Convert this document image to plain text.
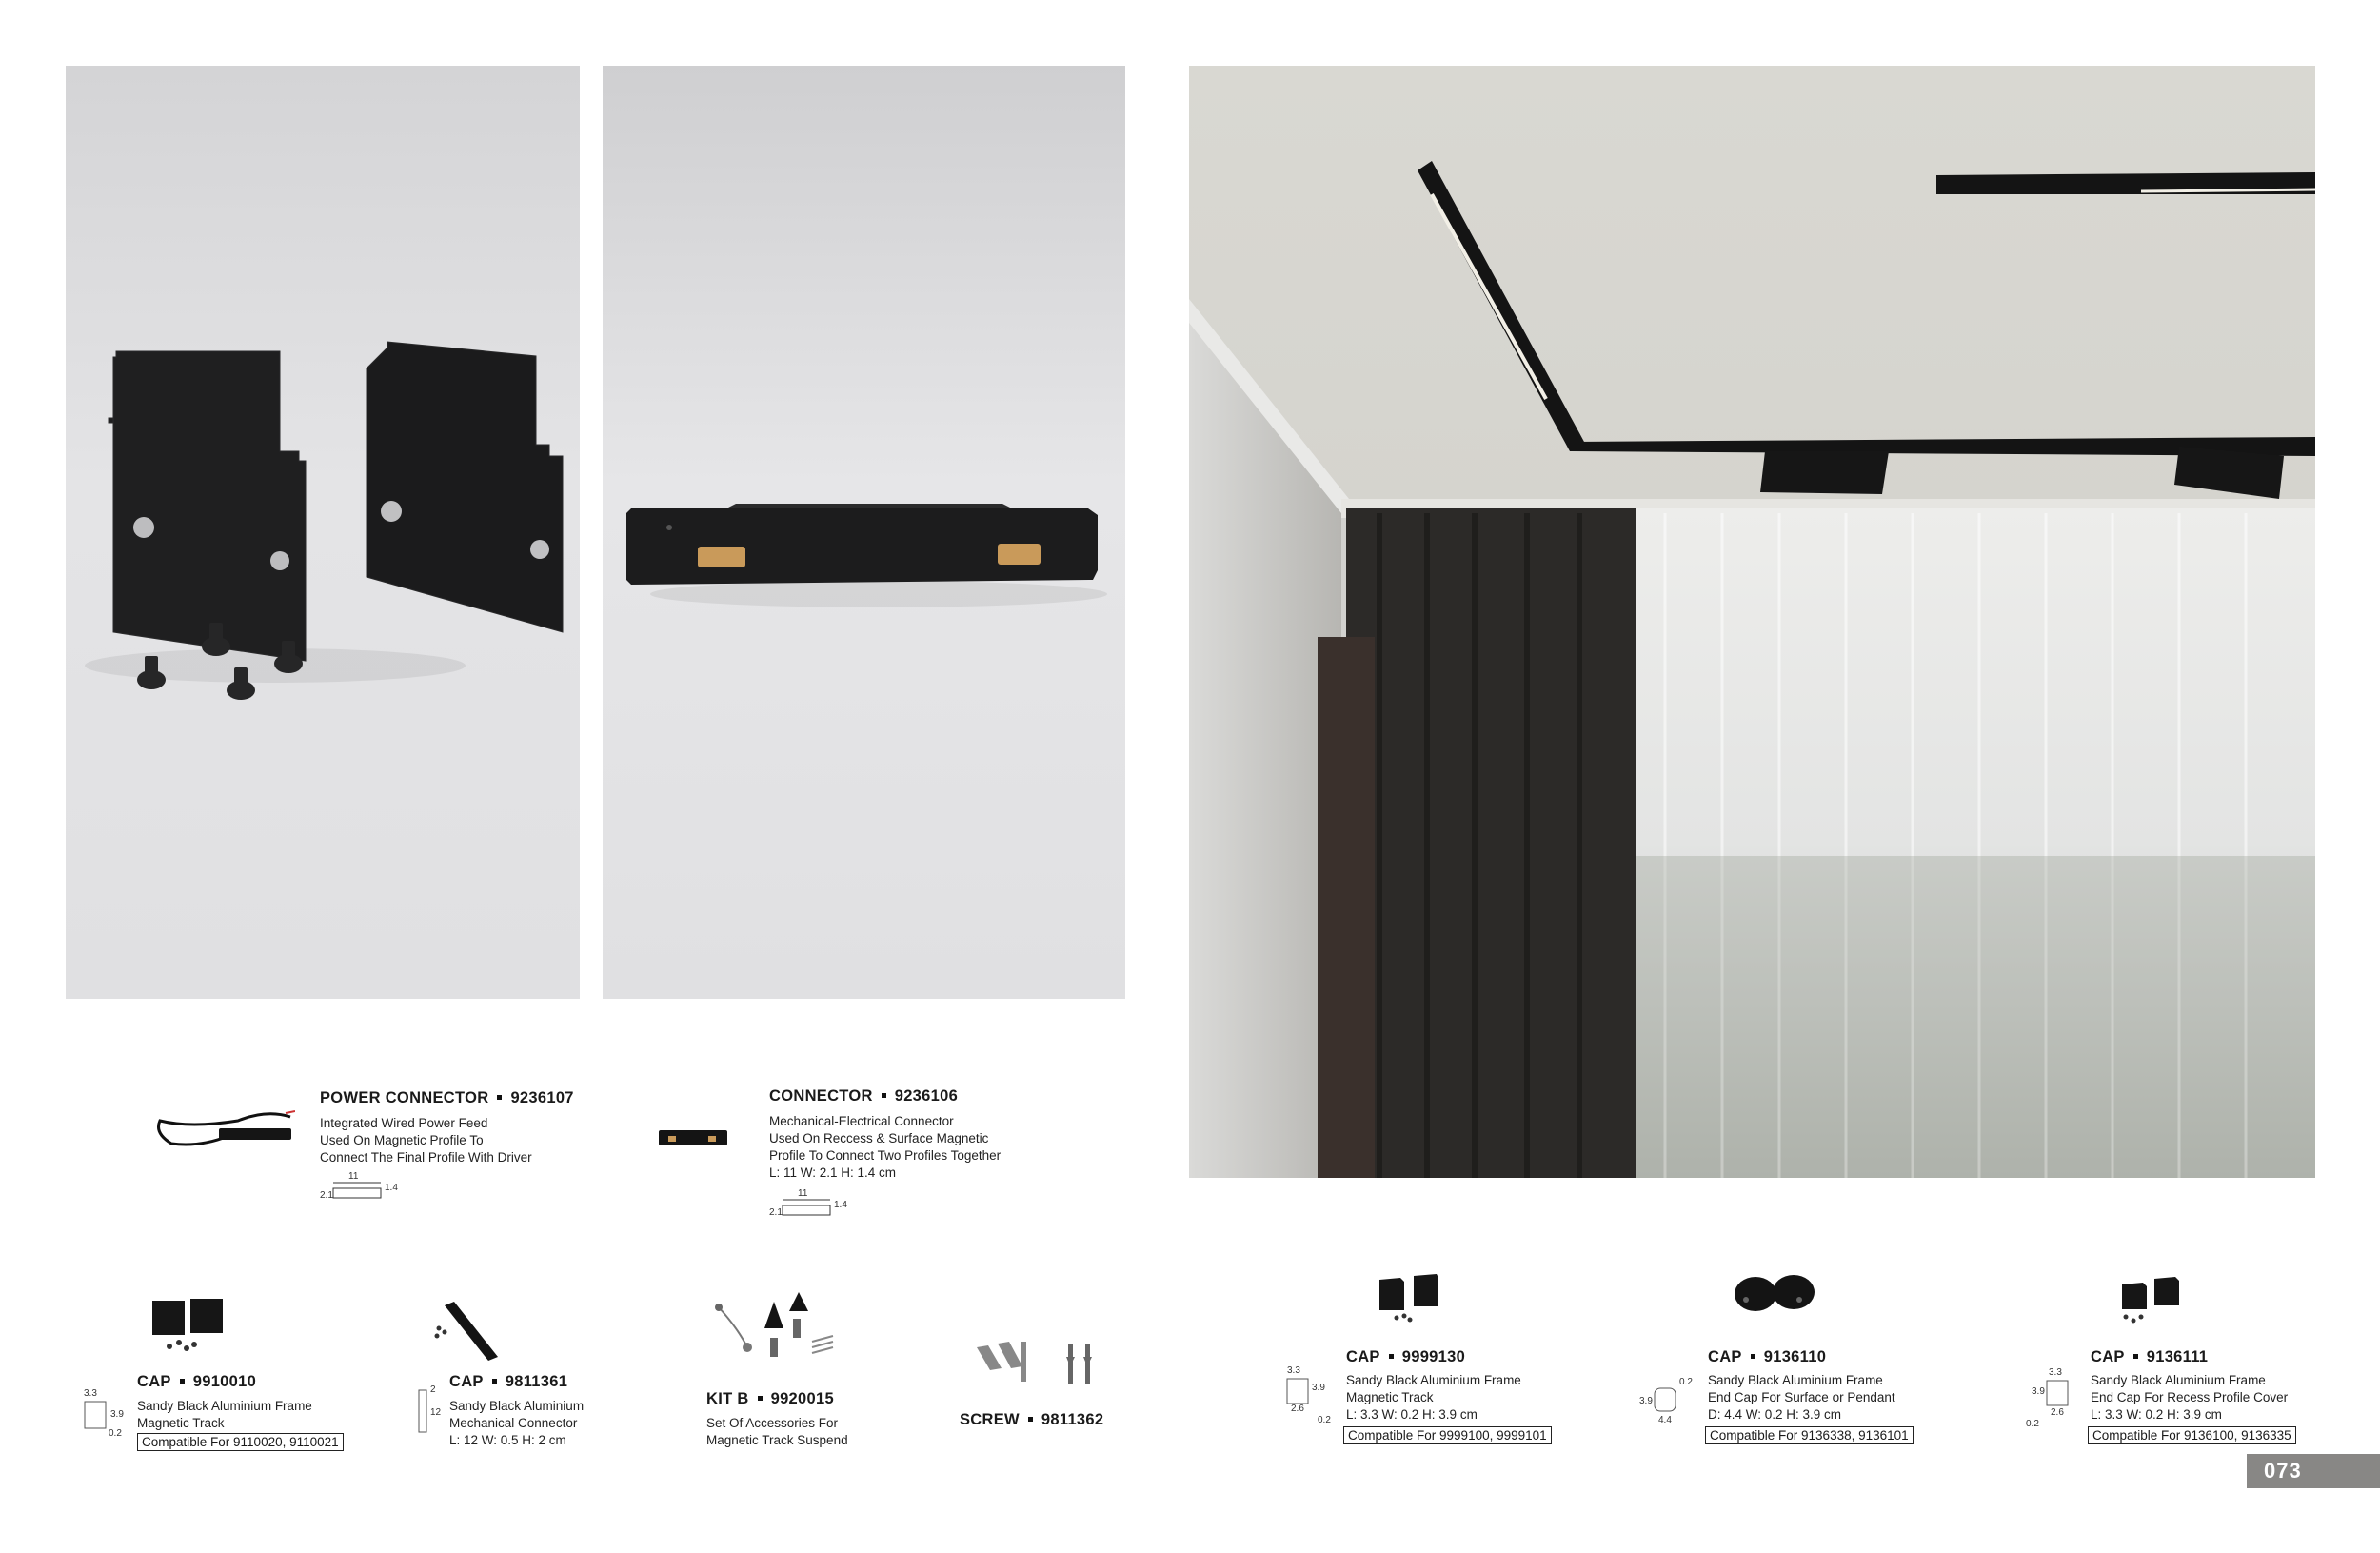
POWER CONNECTOR 9236107
Integrated Wired Power Feed
Used On Magnetic Profile To
Connect The Final Profile With Driver
11
2.1
1.4
CONNECTOR 9236106
Mechanical-Electrical Connector
Used On Reccess & Surface Magnetic
Profile To Connect Two Profiles Together
L: 11 W: 2.1 H: 1.4 cm
11
2.1
1.4
CAP 9910010
Sandy Black Aluminium Frame
Magnetic Track
Compatible For 9110020, 9110021
3.3
3.9
0.2
CAP 9811361
Sandy Black Aluminium
Mechanical Connector
L: 12 W: 0.5 H: 2 cm
2
12
KIT B 9920015
Set Of Accessories For
Magnetic Track Suspend
SCREW 9811362
CAP 9999130
Sandy Black Aluminium Frame
Magnetic Track
L: 3.3 W: 0.2 H: 3.9 cm
Compatible For 9999100, 9999101
3.3
3.9
2.6
0.2
CAP 9136110
Sandy Black Aluminium Frame
End Cap For Surface or Pendant
D: 4.4 W: 0.2 H: 3.9 cm
Compatible For 9136338, 9136101
3.9
0.2
4.4
CAP 9136111
Sandy Black Aluminium Frame
End Cap For Recess Profile Cover
L: 3.3 W: 0.2 H: 3.9 cm
Compatible For 9136100, 9136335
3.3
3.9
2.6
0.2
073
